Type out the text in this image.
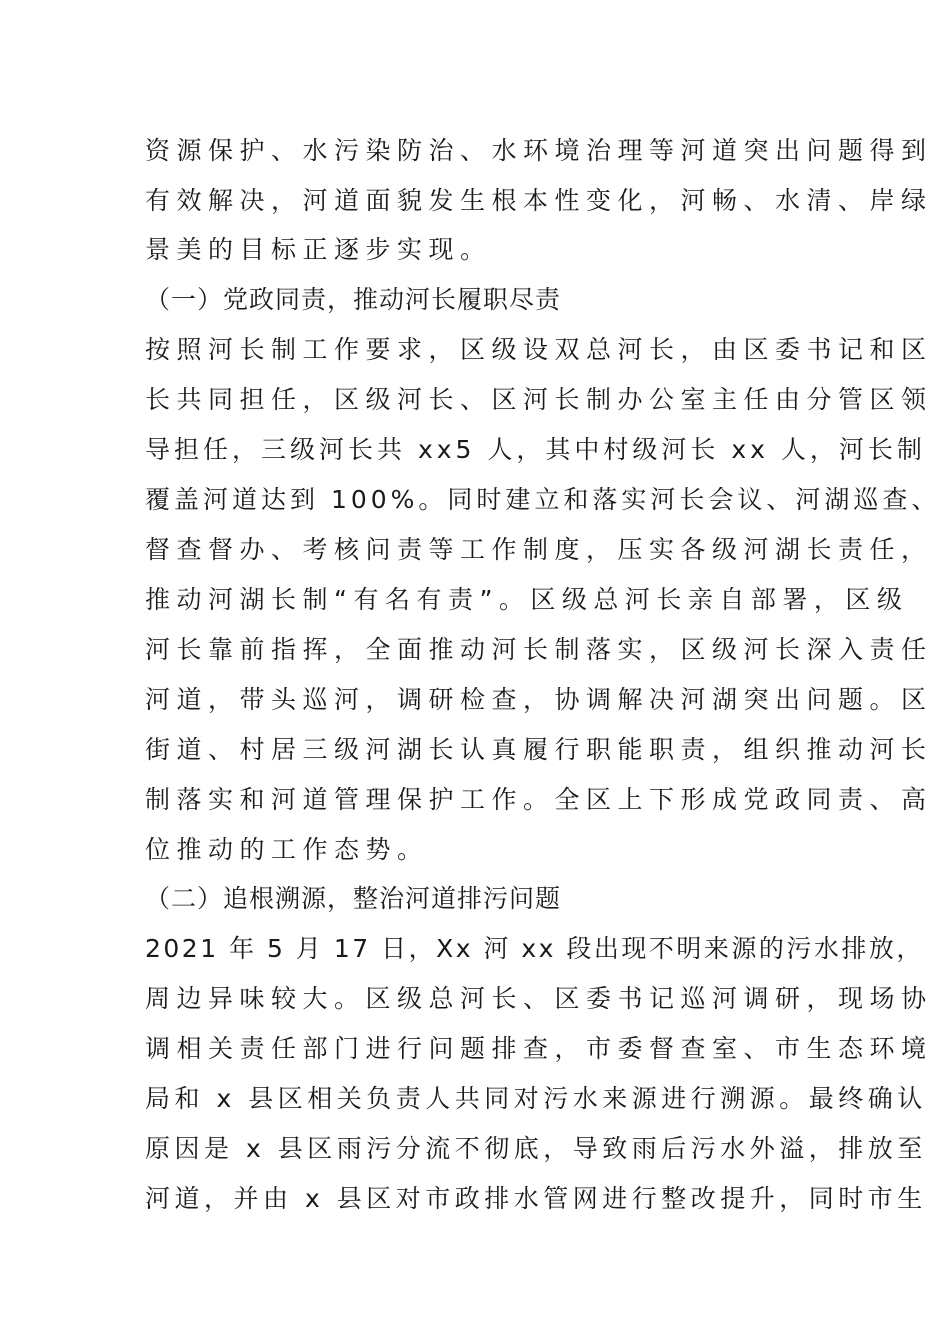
资源保护、水污染防治、水环境治理等河道突出问题得到
有效解决，河道面貌发生根本性变化，河畅、水清、岸绿
景美的目标正逐步实现。
（一）党政同责，推动河长履职尽责
按照河长制工作要求，区级设双总河长，由区委书记和区
长共同担任，区级河长、区河长制办公室主任由分管区领
导担任，三级河长共 xx5 人，其中村级河长 xx 人，河长制
覆盖河道达到 100%。同时建立和落实河长会议、河湖巡查、
督查督办、考核问责等工作制度，压实各级河湖长责任，
推动河湖长制“有名有责”。区级总河长亲自部署，区级
河长靠前指挥，全面推动河长制落实，区级河长深入责任
河道，带头巡河，调研检查，协调解决河湖突出问题。区
街道、村居三级河湖长认真履行职能职责，组织推动河长
制落实和河道管理保护工作。全区上下形成党政同责、高
位推动的工作态势。
（二）追根溯源，整治河道排污问题
2021 年 5 月 17 日，Xx 河 xx 段出现不明来源的污水排放，
周边异味较大。区级总河长、区委书记巡河调研，现场协
调相关责任部门进行问题排查，市委督查室、市生态环境
局和 x 县区相关负责人共同对污水来源进行溯源。最终确认
原因是 x 县区雨污分流不彻底，导致雨后污水外溢，排放至
河道，并由 x 县区对市政排水管网进行整改提升，同时市生
